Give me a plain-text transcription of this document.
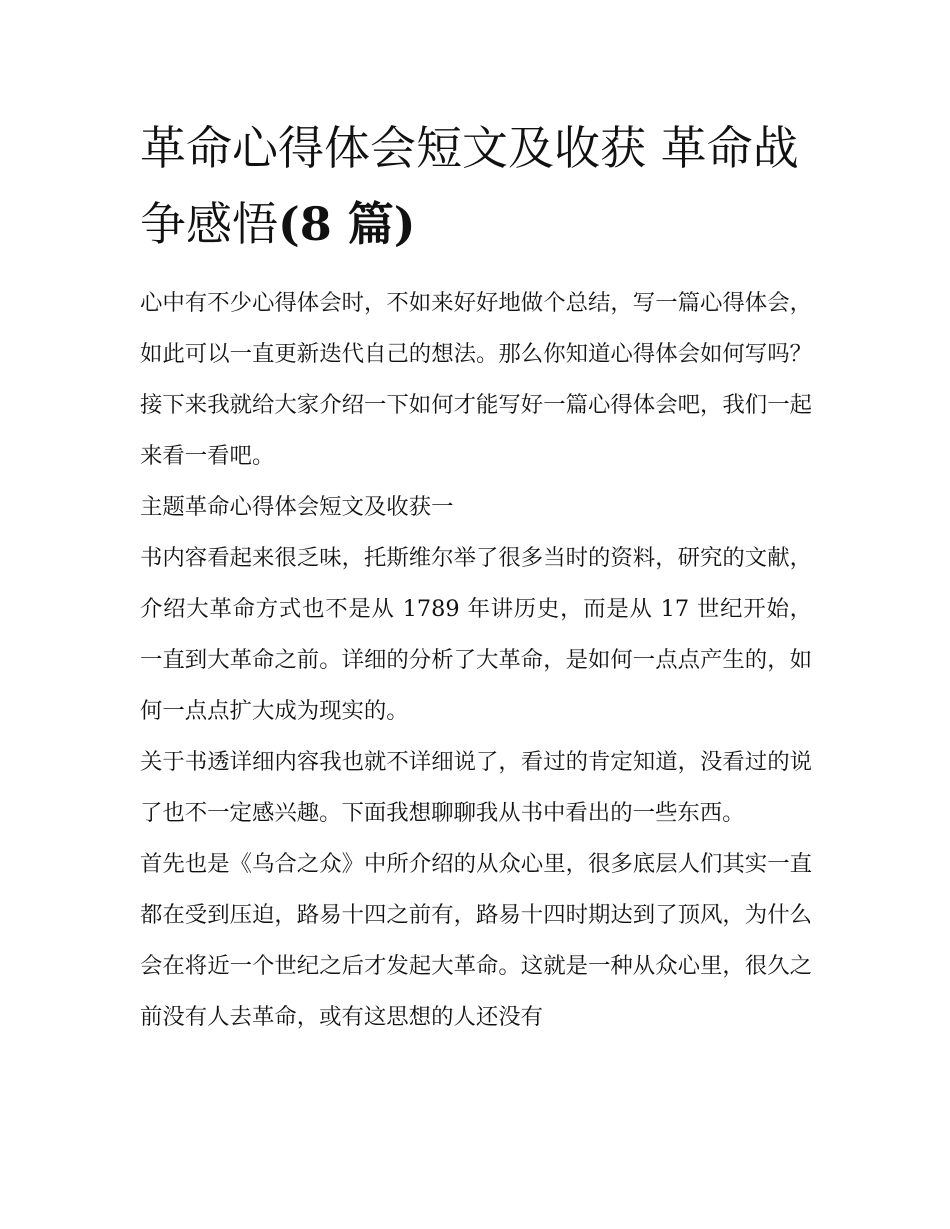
革命心得体会短文及收获 革命战争感悟(8 篇)

心中有不少心得体会时，不如来好好地做个总结，写一篇心得体会，如此可以一直更新迭代自己的想法。那么你知道心得体会如何写吗？接下来我就给大家介绍一下如何才能写好一篇心得体会吧，我们一起来看一看吧。

主题革命心得体会短文及收获一

书内容看起来很乏味，托斯维尔举了很多当时的资料，研究的文献，介绍大革命方式也不是从 1789 年讲历史，而是从 17 世纪开始，一直到大革命之前。详细的分析了大革命，是如何一点点产生的，如何一点点扩大成为现实的。

关于书透详细内容我也就不详细说了，看过的肯定知道，没看过的说了也不一定感兴趣。下面我想聊聊我从书中看出的一些东西。

首先也是《乌合之众》中所介绍的从众心里，很多底层人们其实一直都在受到压迫，路易十四之前有，路易十四时期达到了顶风，为什么会在将近一个世纪之后才发起大革命。这就是一种从众心里，很久之前没有人去革命，或有这思想的人还没有
